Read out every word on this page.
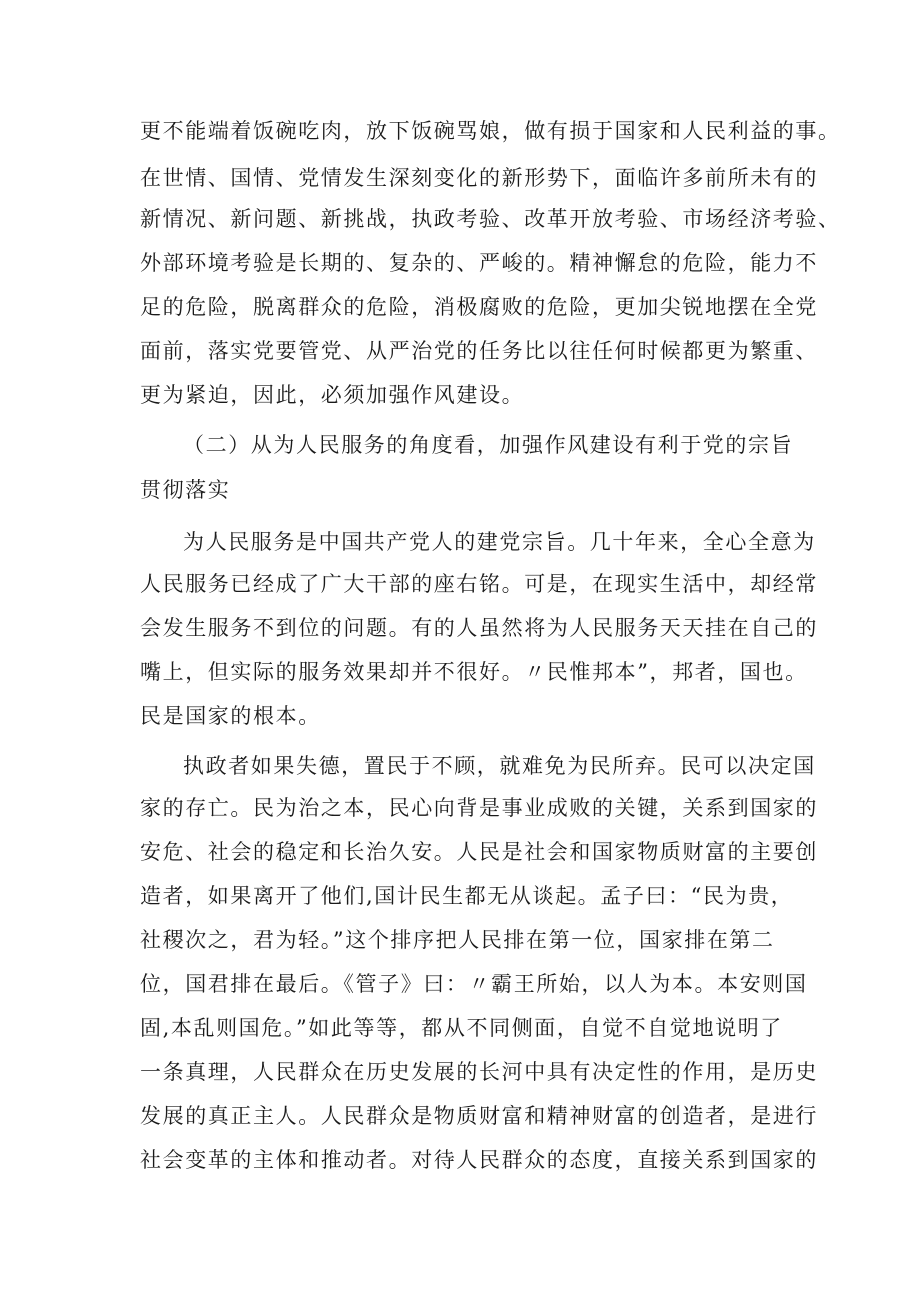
更不能端着饭碗吃肉，放下饭碗骂娘，做有损于国家和人民利益的事。
在世情、国情、党情发生深刻变化的新形势下，面临许多前所未有的
新情况、新问题、新挑战，执政考验、改革开放考验、市场经济考验、
外部环境考验是长期的、复杂的、严峻的。精神懈怠的危险，能力不
足的危险，脱离群众的危险，消极腐败的危险，更加尖锐地摆在全党
面前，落实党要管党、从严治党的任务比以往任何时候都更为繁重、
更为紧迫，因此，必须加强作风建设。
（二）从为人民服务的角度看，加强作风建设有利于党的宗旨
贯彻落实
为人民服务是中国共产党人的建党宗旨。几十年来，全心全意为
人民服务已经成了广大干部的座右铭。可是，在现实生活中，却经常
会发生服务不到位的问题。有的人虽然将为人民服务天天挂在自己的
嘴上，但实际的服务效果却并不很好。〃民惟邦本”，邦者，国也。
民是国家的根本。
执政者如果失德，置民于不顾，就难免为民所弃。民可以决定国
家的存亡。民为治之本，民心向背是事业成败的关键，关系到国家的
安危、社会的稳定和长治久安。人民是社会和国家物质财富的主要创
造者，如果离开了他们,国计民生都无从谈起。孟子曰：“民为贵，
社稷次之，君为轻。”这个排序把人民排在第一位，国家排在第二
位，国君排在最后。《管子》曰：〃霸王所始，以人为本。本安则国
固,本乱则国危。”如此等等，都从不同侧面，自觉不自觉地说明了
一条真理，人民群众在历史发展的长河中具有决定性的作用，是历史
发展的真正主人。人民群众是物质财富和精神财富的创造者，是进行
社会变革的主体和推动者。对待人民群众的态度，直接关系到国家的
